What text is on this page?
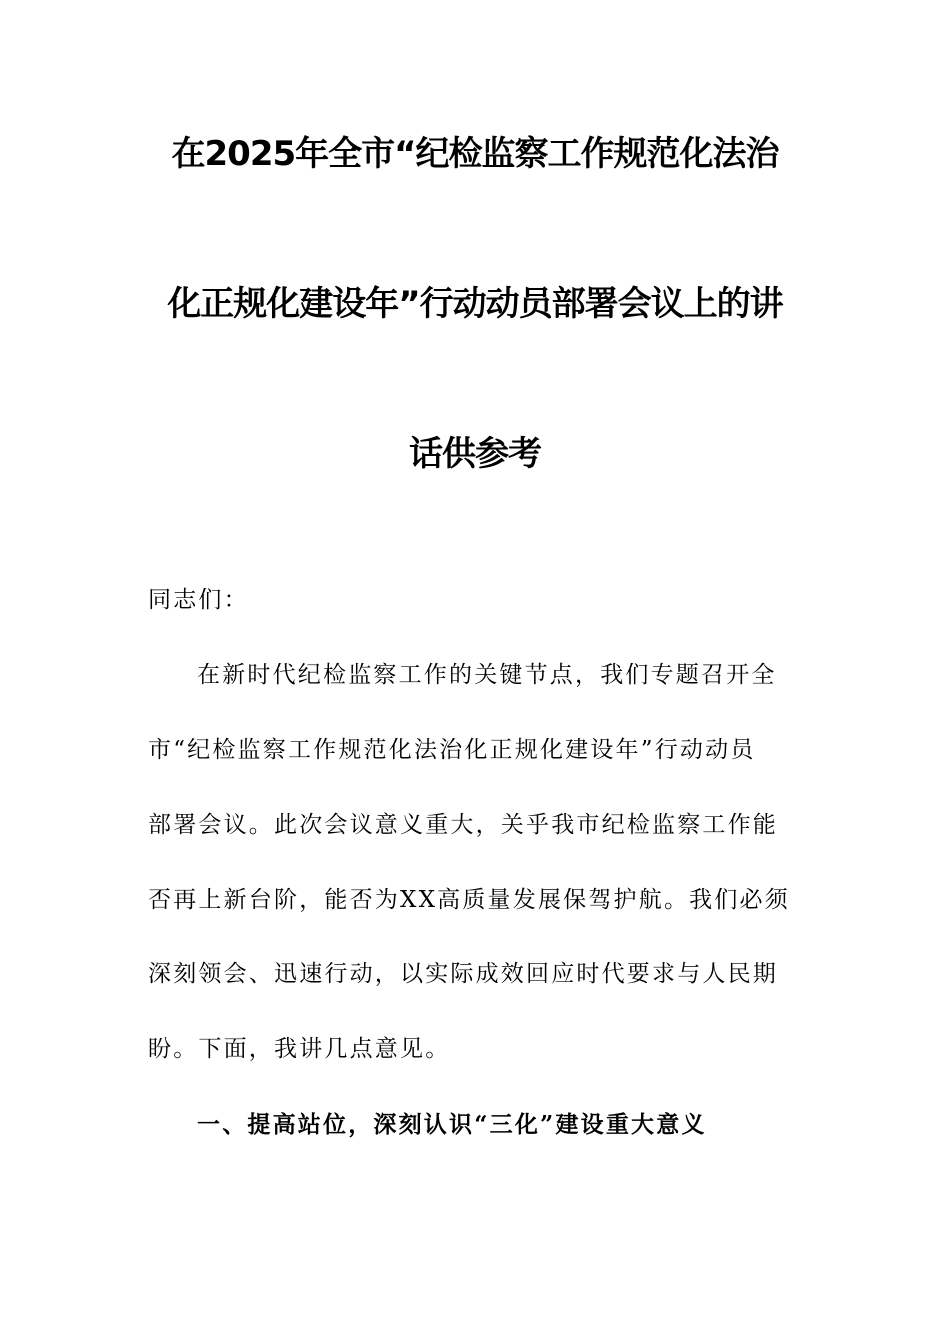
在2025年全市“纪检监察工作规范化法治
化正规化建设年”行动动员部署会议上的讲
话供参考
同志们：
在新时代纪检监察工作的关键节点，我们专题召开全
市“纪检监察工作规范化法治化正规化建设年”行动动员
部署会议。此次会议意义重大，关乎我市纪检监察工作能
否再上新台阶，能否为XX高质量发展保驾护航。我们必须
深刻领会、迅速行动，以实际成效回应时代要求与人民期
盼。下面，我讲几点意见。
一、提高站位，深刻认识“三化”建设重大意义
